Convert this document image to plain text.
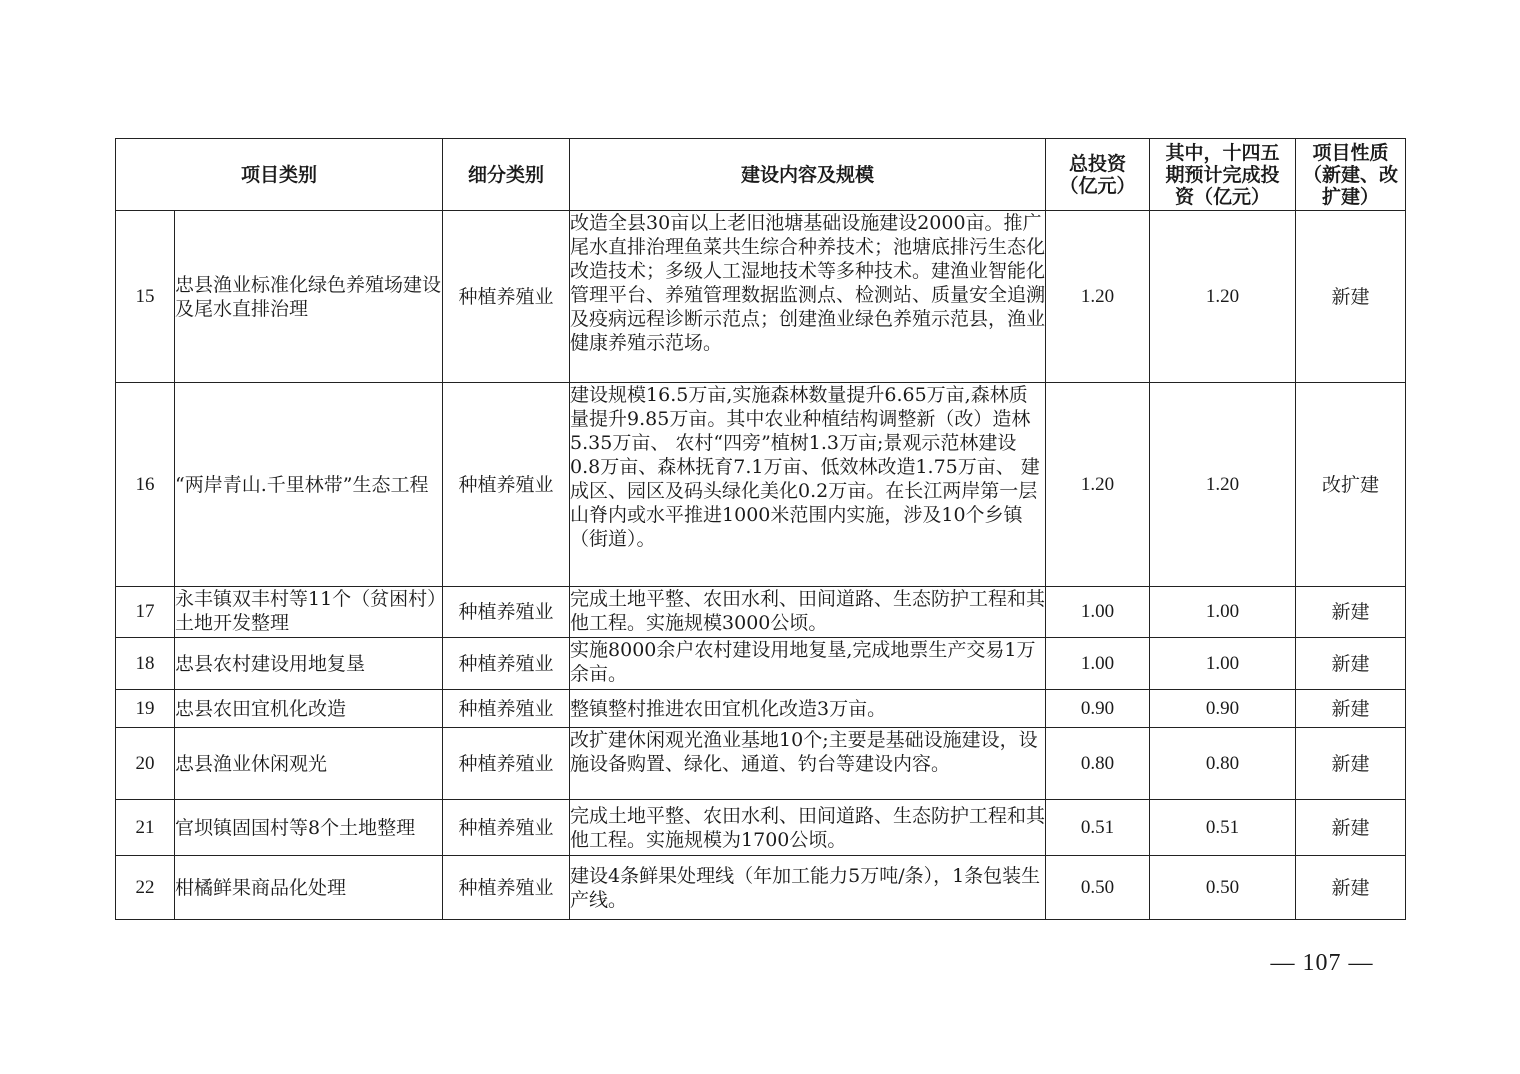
项目类别		细分类别	建设内容及规模	总投资（亿元）	其中，十四五期预计完成投资（亿元）	项目性质（新建、改扩建）
15	忠县渔业标准化绿色养殖场建设及尾水直排治理	种植养殖业	改造全县30亩以上老旧池塘基础设施建设2000亩。推广尾水直排治理鱼菜共生综合种养技术；池塘底排污生态化改造技术；多级人工湿地技术等多种技术。建渔业智能化管理平台、养殖管理数据监测点、检测站、质量安全追溯及疫病远程诊断示范点；创建渔业绿色养殖示范县，渔业健康养殖示范场。	1.20	1.20	新建
16	“两岸青山.千里林带”生态工程	种植养殖业	建设规模16.5万亩,实施森林数量提升6.65万亩,森林质量提升9.85万亩。其中农业种植结构调整新（改）造林5.35万亩、 农村“四旁”植树1.3万亩;景观示范林建设0.8万亩、森林抚育7.1万亩、低效林改造1.75万亩、 建成区、园区及码头绿化美化0.2万亩。在长江两岸第一层山脊内或水平推进1000米范围内实施，涉及10个乡镇（街道）。	1.20	1.20	改扩建
17	永丰镇双丰村等11个（贫困村）土地开发整理	种植养殖业	完成土地平整、农田水利、田间道路、生态防护工程和其他工程。实施规模3000公顷。	1.00	1.00	新建
18	忠县农村建设用地复垦	种植养殖业	实施8000余户农村建设用地复垦,完成地票生产交易1万余亩。	1.00	1.00	新建
19	忠县农田宜机化改造	种植养殖业	整镇整村推进农田宜机化改造3万亩。	0.90	0.90	新建
20	忠县渔业休闲观光	种植养殖业	改扩建休闲观光渔业基地10个;主要是基础设施建设，设施设备购置、绿化、通道、钓台等建设内容。	0.80	0.80	新建
21	官坝镇固国村等8个土地整理	种植养殖业	完成土地平整、农田水利、田间道路、生态防护工程和其他工程。实施规模为1700公顷。	0.51	0.51	新建
22	柑橘鲜果商品化处理	种植养殖业	建设4条鲜果处理线（年加工能力5万吨/条），1条包装生产线。	0.50	0.50	新建
— 107 —
